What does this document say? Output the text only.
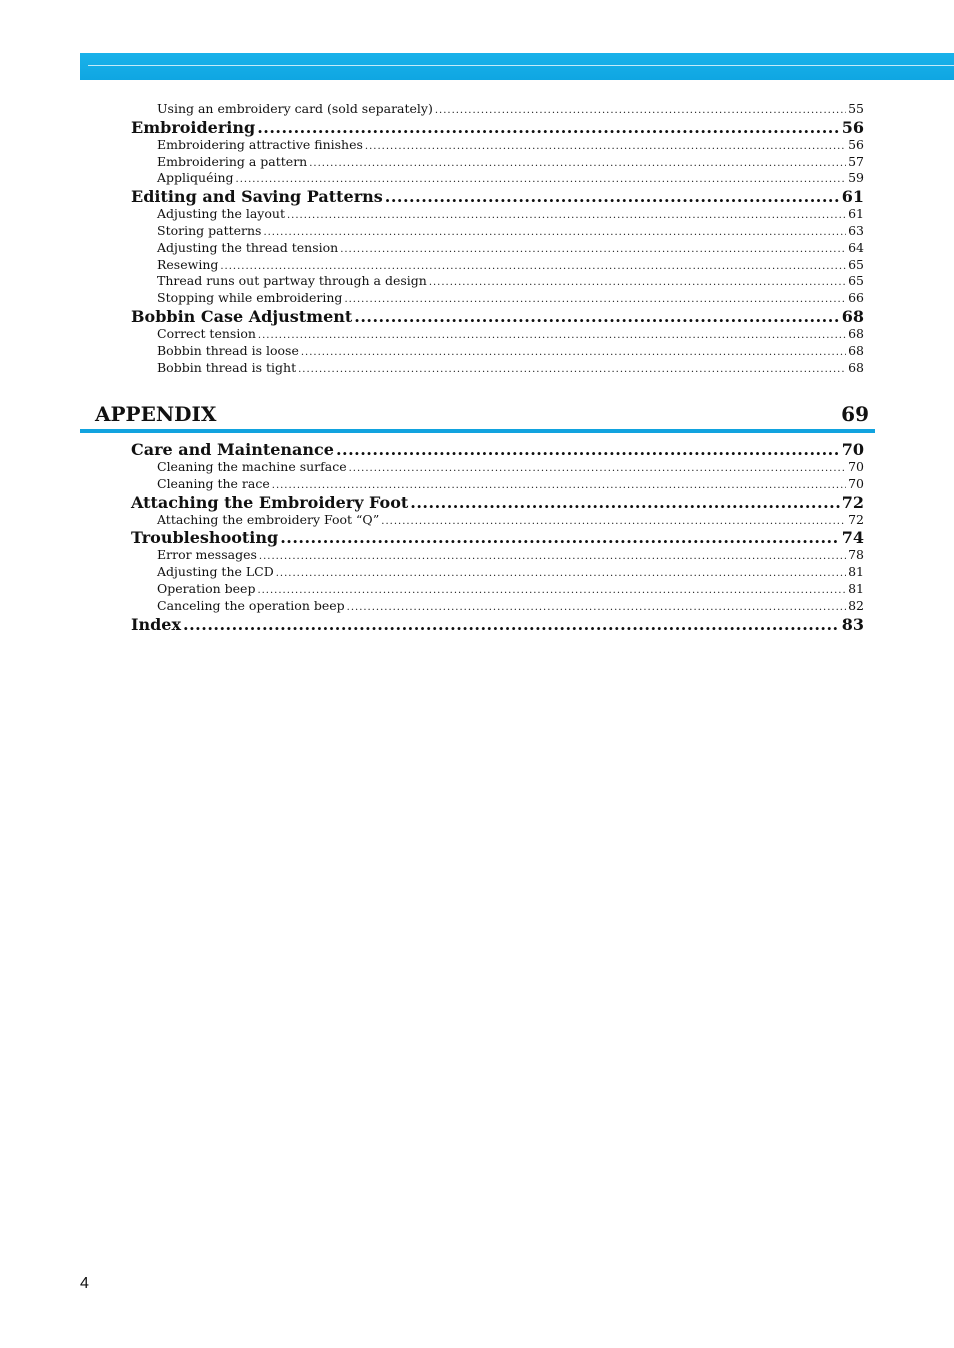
Using an embroidery card (sold separately) .....	55
Embroidering .....	56
Embroidering attractive finishes .....	56
Embroidering a pattern .....	57
Appliquéing .....	59
Editing and Saving Patterns .....	61
Adjusting the layout .....	61
Storing patterns .....	63
Adjusting the thread tension .....	64
Resewing .....	65
Thread runs out partway through a design .....	65
Stopping while embroidering .....	66
Bobbin Case Adjustment .....	68
Correct tension .....	68
Bobbin thread is loose .....	68
Bobbin thread is tight .....	68
APPENDIX	69
Care and Maintenance .....	70
Cleaning the machine surface .....	70
Cleaning the race .....	70
Attaching the Embroidery Foot .....	72
Attaching the embroidery Foot “Q” .....	72
Troubleshooting .....	74
Error messages .....	78
Adjusting the LCD .....	81
Operation beep .....	81
Canceling the operation beep .....	82
Index .....	83
4
